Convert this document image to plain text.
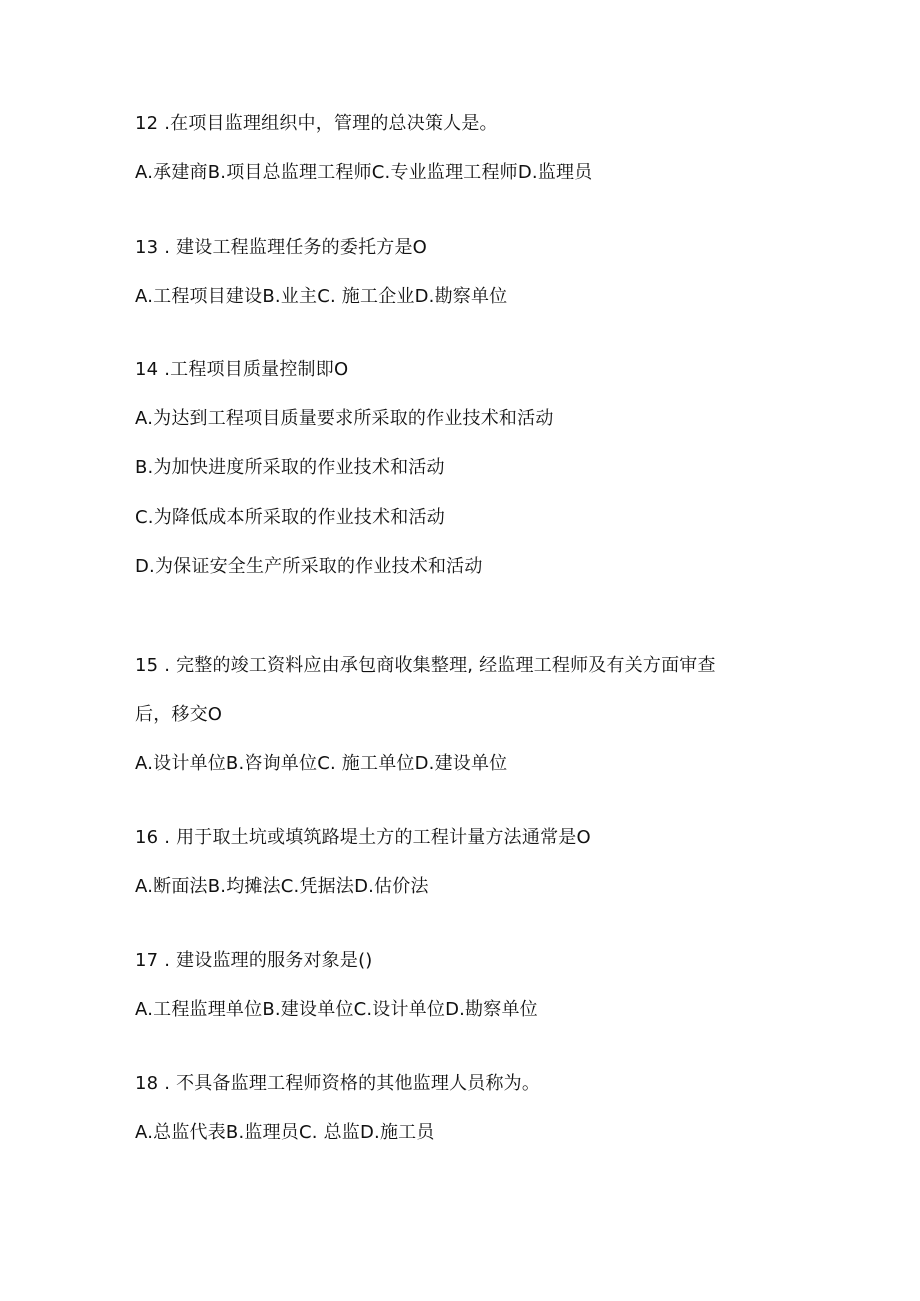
12 .在项目监理组织中，管理的总决策人是。
A.承建商B.项目总监理工程师C.专业监理工程师D.监理员
13 . 建设工程监理任务的委托方是O
A.工程项目建设B.业主C. 施工企业D.勘察单位
14 .工程项目质量控制即O
A.为达到工程项目质量要求所采取的作业技术和活动
B.为加快进度所采取的作业技术和活动
C.为降低成本所采取的作业技术和活动
D.为保证安全生产所采取的作业技术和活动
15 . 完整的竣工资料应由承包商收集整理, 经监理工程师及有关方面审查
后，移交O
A.设计单位B.咨询单位C. 施工单位D.建设单位
16 . 用于取土坑或填筑路堤土方的工程计量方法通常是O
A.断面法B.均摊法C.凭据法D.估价法
17 . 建设监理的服务对象是()
A.工程监理单位B.建设单位C.设计单位D.勘察单位
18 . 不具备监理工程师资格的其他监理人员称为。
A.总监代表B.监理员C. 总监D.施工员
